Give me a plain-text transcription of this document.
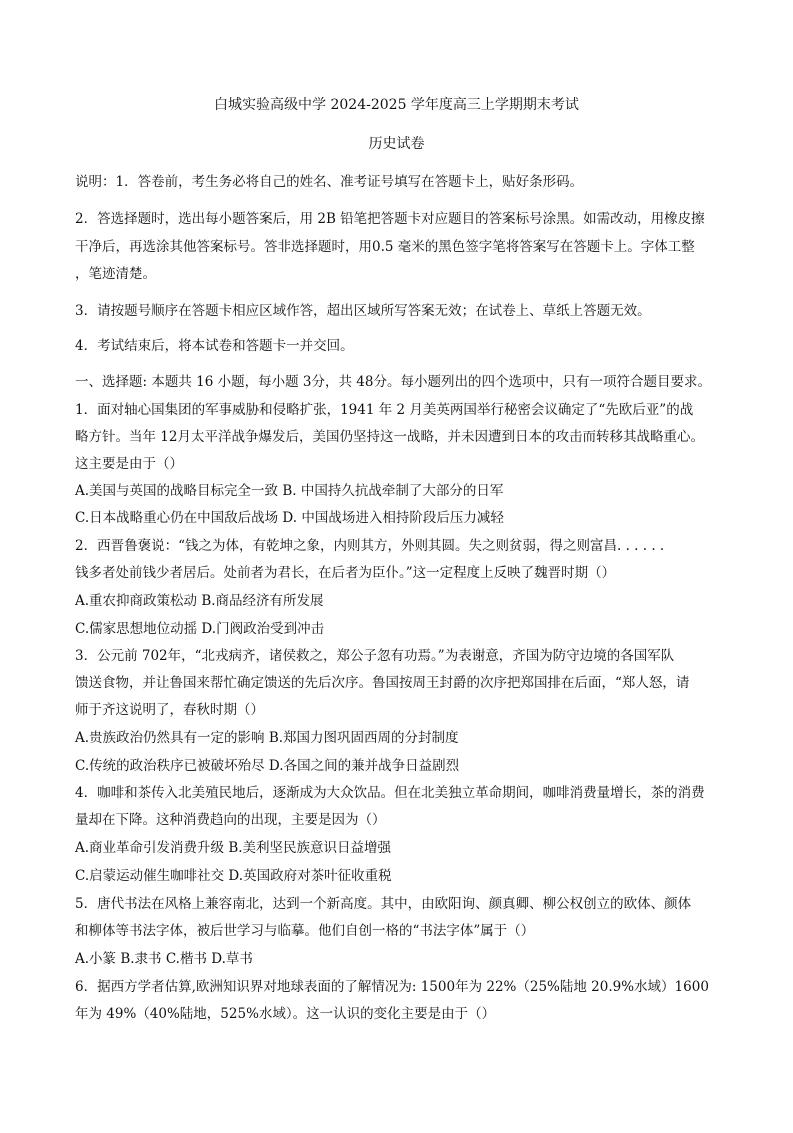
白城实验高级中学 2024-2025 学年度高三上学期期末考试

历史试卷

说明：1．答卷前，考生务必将自己的姓名、准考证号填写在答题卡上，贴好条形码。

2．答选择题时，选出每小题答案后，用 2B 铅笔把答题卡对应题目的答案标号涂黑。如需改动，用橡皮擦

干净后，再选涂其他答案标号。答非选择题时，用0.5 毫米的黑色签字笔将答案写在答题卡上。字体工整

，笔迹清楚。

3．请按题号顺序在答题卡相应区域作答，超出区域所写答案无效；在试卷上、草纸上答题无效。

4．考试结束后，将本试卷和答题卡一并交回。

一、选择题: 本题共 16 小题，每小题 3分，共 48分。每小题列出的四个选项中，只有一项符合题目要求。

1．面对轴心国集团的军事威胁和侵略扩张，1941 年 2 月美英两国举行秘密会议确定了“先欧后亚”的战

略方针。当年 12月太平洋战争爆发后，美国仍坚持这一战略，并未因遭到日本的攻击而转移其战略重心。

这主要是由于（）

A.美国与英国的战略目标完全一致 B. 中国持久抗战牵制了大部分的日军

C.日本战略重心仍在中国敌后战场 D. 中国战场进入相持阶段后压力减轻

2．西晋鲁褒说：“钱之为体，有乾坤之象，内则其方，外则其圆。失之则贫弱，得之则富昌. . . . . .

钱多者处前钱少者居后。处前者为君长，在后者为臣仆。”这一定程度上反映了魏晋时期（）

A.重农抑商政策松动 B.商品经济有所发展

C.儒家思想地位动摇 D.门阀政治受到冲击

3．公元前 702年，“北戎病齐，诸侯救之，郑公子忽有功焉。”为表谢意，齐国为防守边境的各国军队

馈送食物，并让鲁国来帮忙确定馈送的先后次序。鲁国按周王封爵的次序把郑国排在后面，“郑人怒，请

师于齐这说明了，春秋时期（）

A.贵族政治仍然具有一定的影响 B.郑国力图巩固西周的分封制度

C.传统的政治秩序已被破坏殆尽 D.各国之间的兼并战争日益剧烈

4．咖啡和茶传入北美殖民地后，逐渐成为大众饮品。但在北美独立革命期间，咖啡消费量增长，茶的消费

量却在下降。这种消费趋向的出现，主要是因为（）

A.商业革命引发消费升级 B.美利坚民族意识日益增强

C.启蒙运动催生咖啡社交 D.英国政府对茶叶征收重税

5．唐代书法在风格上兼容南北，达到一个新高度。其中，由欧阳询、颜真卿、柳公权创立的欧体、颜体

和柳体等书法字体，被后世学习与临摹。他们自创一格的“书法字体”属于（）

A.小篆 B.隶书 C.楷书 D.草书

6．据西方学者估算,欧洲知识界对地球表面的了解情况为: 1500年为 22%（25%陆地 20.9%水域）1600

年为 49%（40%陆地，525%水域）。这一认识的变化主要是由于（）
